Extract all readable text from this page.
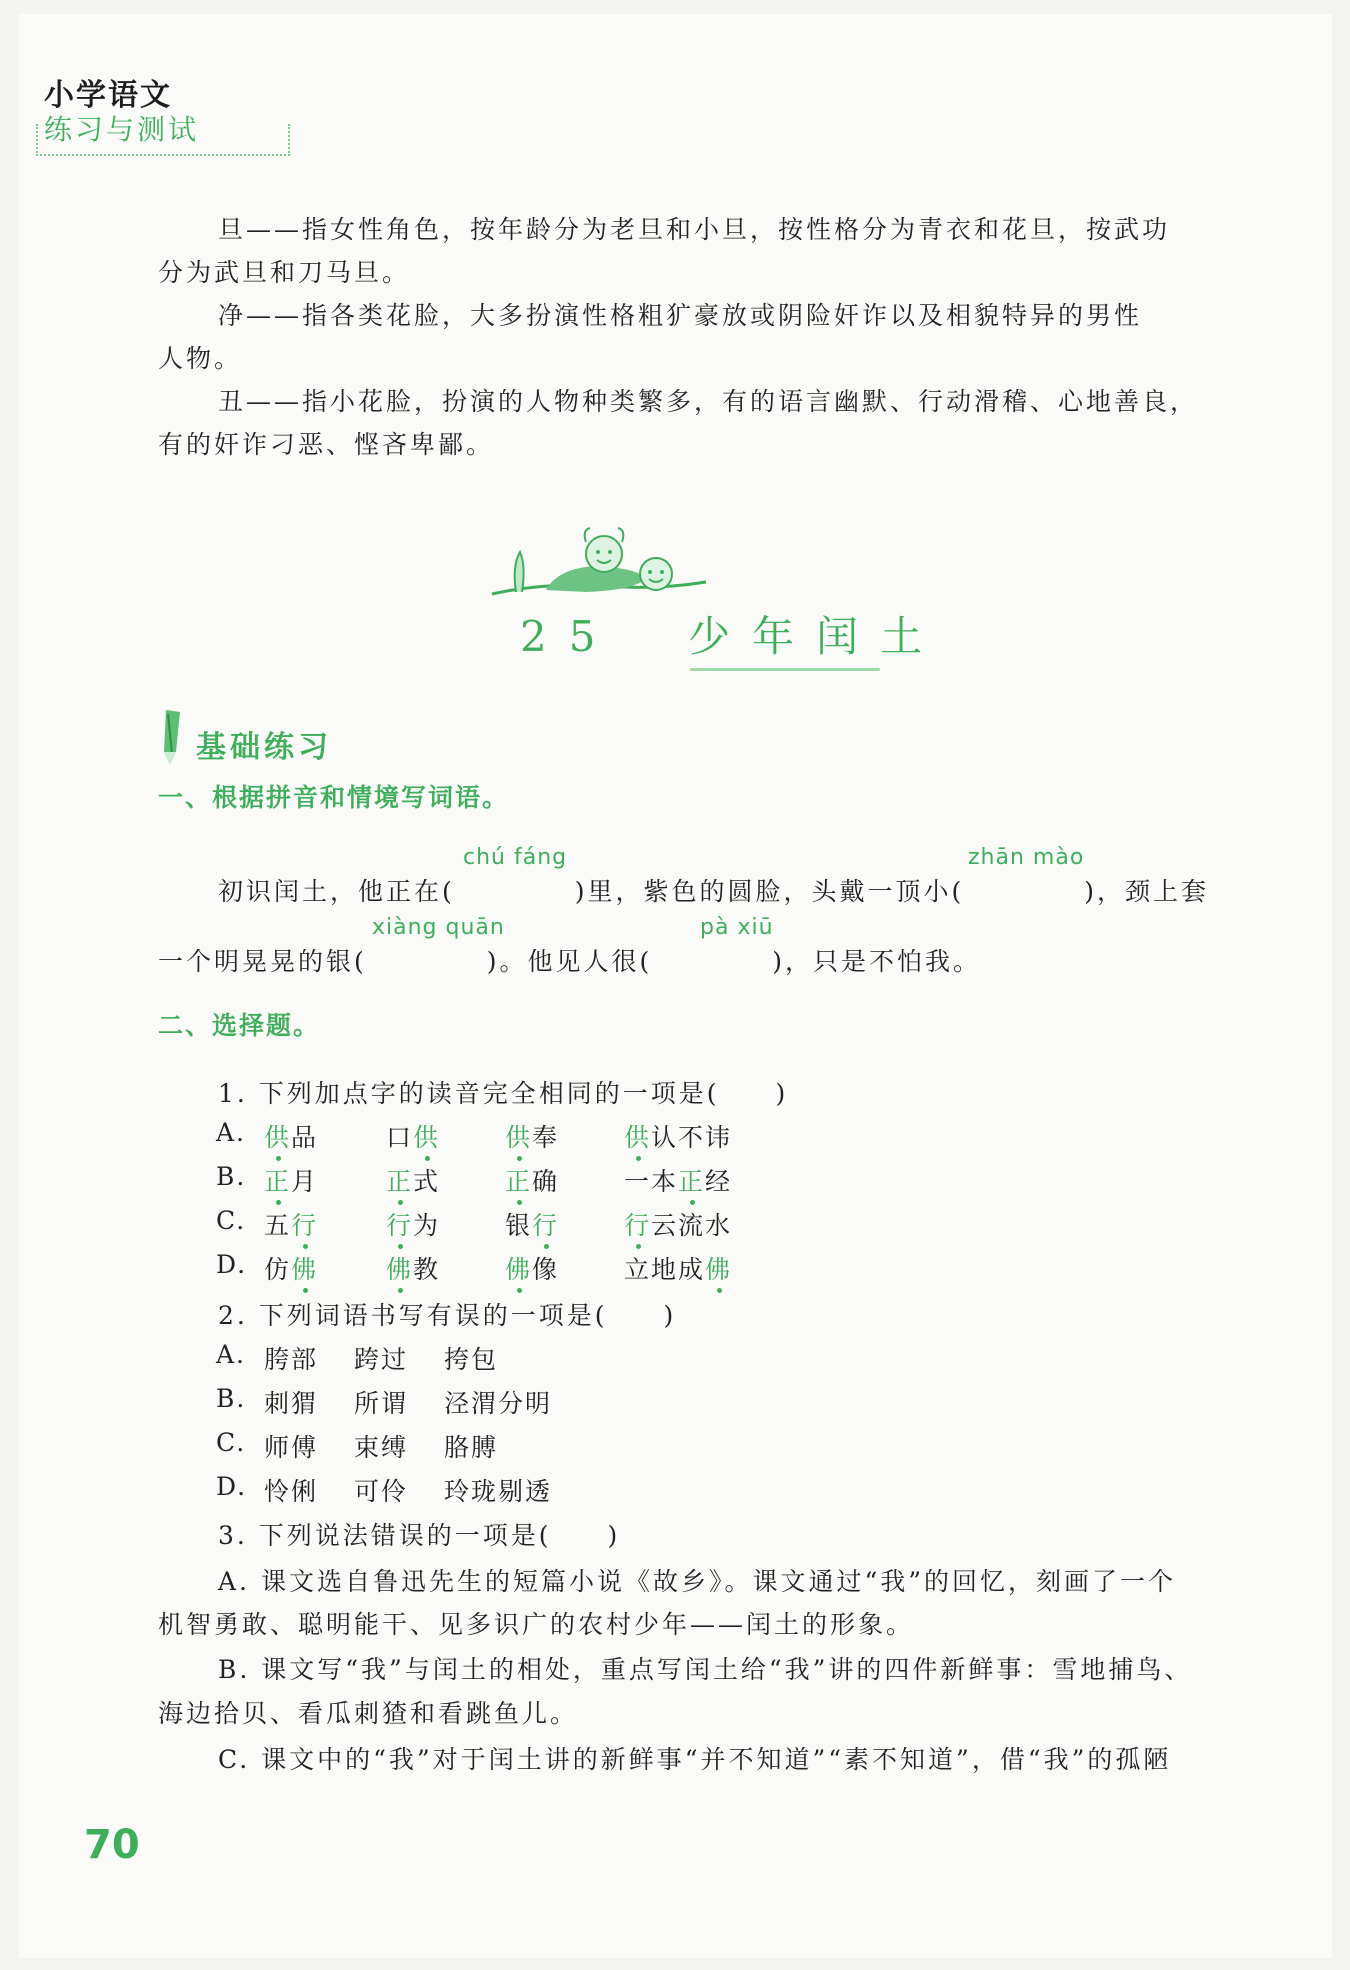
小学语文
练习与测试
旦——指女性角色，按年龄分为老旦和小旦，按性格分为青衣和花旦，按武功
分为武旦和刀马旦。
净——指各类花脸，大多扮演性格粗犷豪放或阴险奸诈以及相貌特异的男性
人物。
丑——指小花脸，扮演的人物种类繁多，有的语言幽默、行动滑稽、心地善良，
有的奸诈刁恶、悭吝卑鄙。
25 少年闰土
基础练习
一、根据拼音和情境写词语。
chú fáng	zhān mào
初识闰土，他正在(	)里，紫色的圆脸，头戴一顶小(	)，颈上套
xiàng quān	pà xiū
一个明晃晃的银(	)。他见人很(	)，只是不怕我。
二、选择题。
1. 下列加点字的读音完全相同的一项是(　　)
A. 供品	口供	供奉	供认不讳
B. 正月	正式	正确	一本正经
C. 五行	行为	银行	行云流水
D. 仿佛	佛教	佛像	立地成佛
2. 下列词语书写有误的一项是(　　)
A. 胯部 跨过 挎包
B. 刺猬 所谓 泾渭分明
C. 师傅 束缚 胳膊
D. 怜俐 可伶 玲珑剔透
3. 下列说法错误的一项是(　　)
A. 课文选自鲁迅先生的短篇小说《故乡》。课文通过“我”的回忆，刻画了一个
机智勇敢、聪明能干、见多识广的农村少年——闰土的形象。
B. 课文写“我”与闰土的相处，重点写闰土给“我”讲的四件新鲜事：雪地捕鸟、
海边拾贝、看瓜刺猹和看跳鱼儿。
C. 课文中的“我”对于闰土讲的新鲜事“并不知道”“素不知道”，借“我”的孤陋
70
